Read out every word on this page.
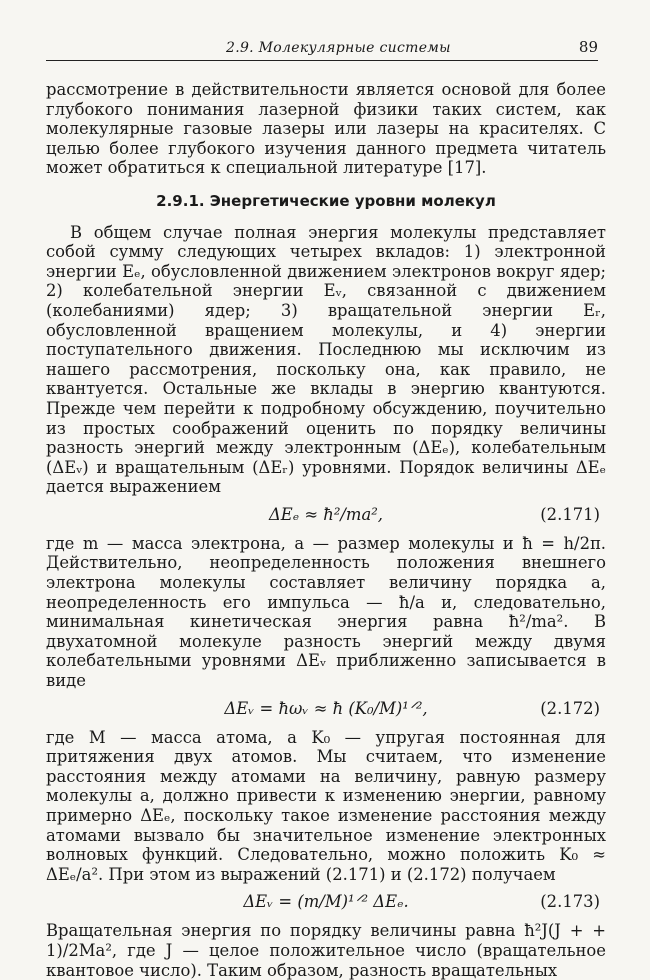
2.9. Молекулярные системы	89

рассмотрение в действительности является основой для более глубокого понимания лазерной физики таких систем, как молекулярные газовые лазеры или лазеры на красителях. С целью более глубокого изучения данного предмета читатель может обратиться к специальной литературе [17].

2.9.1. Энергетические уровни молекул

В общем случае полная энергия молекулы представляет собой сумму следующих четырех вкладов: 1) электронной энергии Eₑ, обусловленной движением электронов вокруг ядер; 2) колебательной энергии Eᵥ, связанной с движением (колебаниями) ядер; 3) вращательной энергии Eᵣ, обусловленной вращением молекулы, и 4) энергии поступательного движения. Последнюю мы исключим из нашего рассмотрения, поскольку она, как правило, не квантуется. Остальные же вклады в энергию квантуются. Прежде чем перейти к подробному обсуждению, поучительно из простых соображений оценить по порядку величины разность энергий между электронным (ΔEₑ), колебательным (ΔEᵥ) и вращательным (ΔEᵣ) уровнями. Порядок величины ΔEₑ дается выражением

ΔEₑ ≈ ħ²/ma²,	(2.171)

где m — масса электрона, a — размер молекулы и ħ = h/2π. Действительно, неопределенность положения внешнего электрона молекулы составляет величину порядка a, неопределенность его импульса — ħ/a и, следовательно, минимальная кинетическая энергия равна ħ²/ma². В двухатомной молекуле разность энергий между двумя колебательными уровнями ΔEᵥ приближенно записывается в виде

ΔEᵥ = ħωᵥ ≈ ħ (K₀/M)¹ᐟ²,	(2.172)

где M — масса атома, а K₀ — упругая постоянная для притяжения двух атомов. Мы считаем, что изменение расстояния между атомами на величину, равную размеру молекулы a, должно привести к изменению энергии, равному примерно ΔEₑ, поскольку такое изменение расстояния между атомами вызвало бы значительное изменение электронных волновых функций. Следовательно, можно положить K₀ ≈ ΔEₑ/a². При этом из выражений (2.171) и (2.172) получаем

ΔEᵥ = (m/M)¹ᐟ² ΔEₑ.	(2.173)

Вращательная энергия по порядку величины равна ħ²J(J + + 1)/2Ma², где J — целое положительное число (вращательное квантовое число). Таким образом, разность вращательных
